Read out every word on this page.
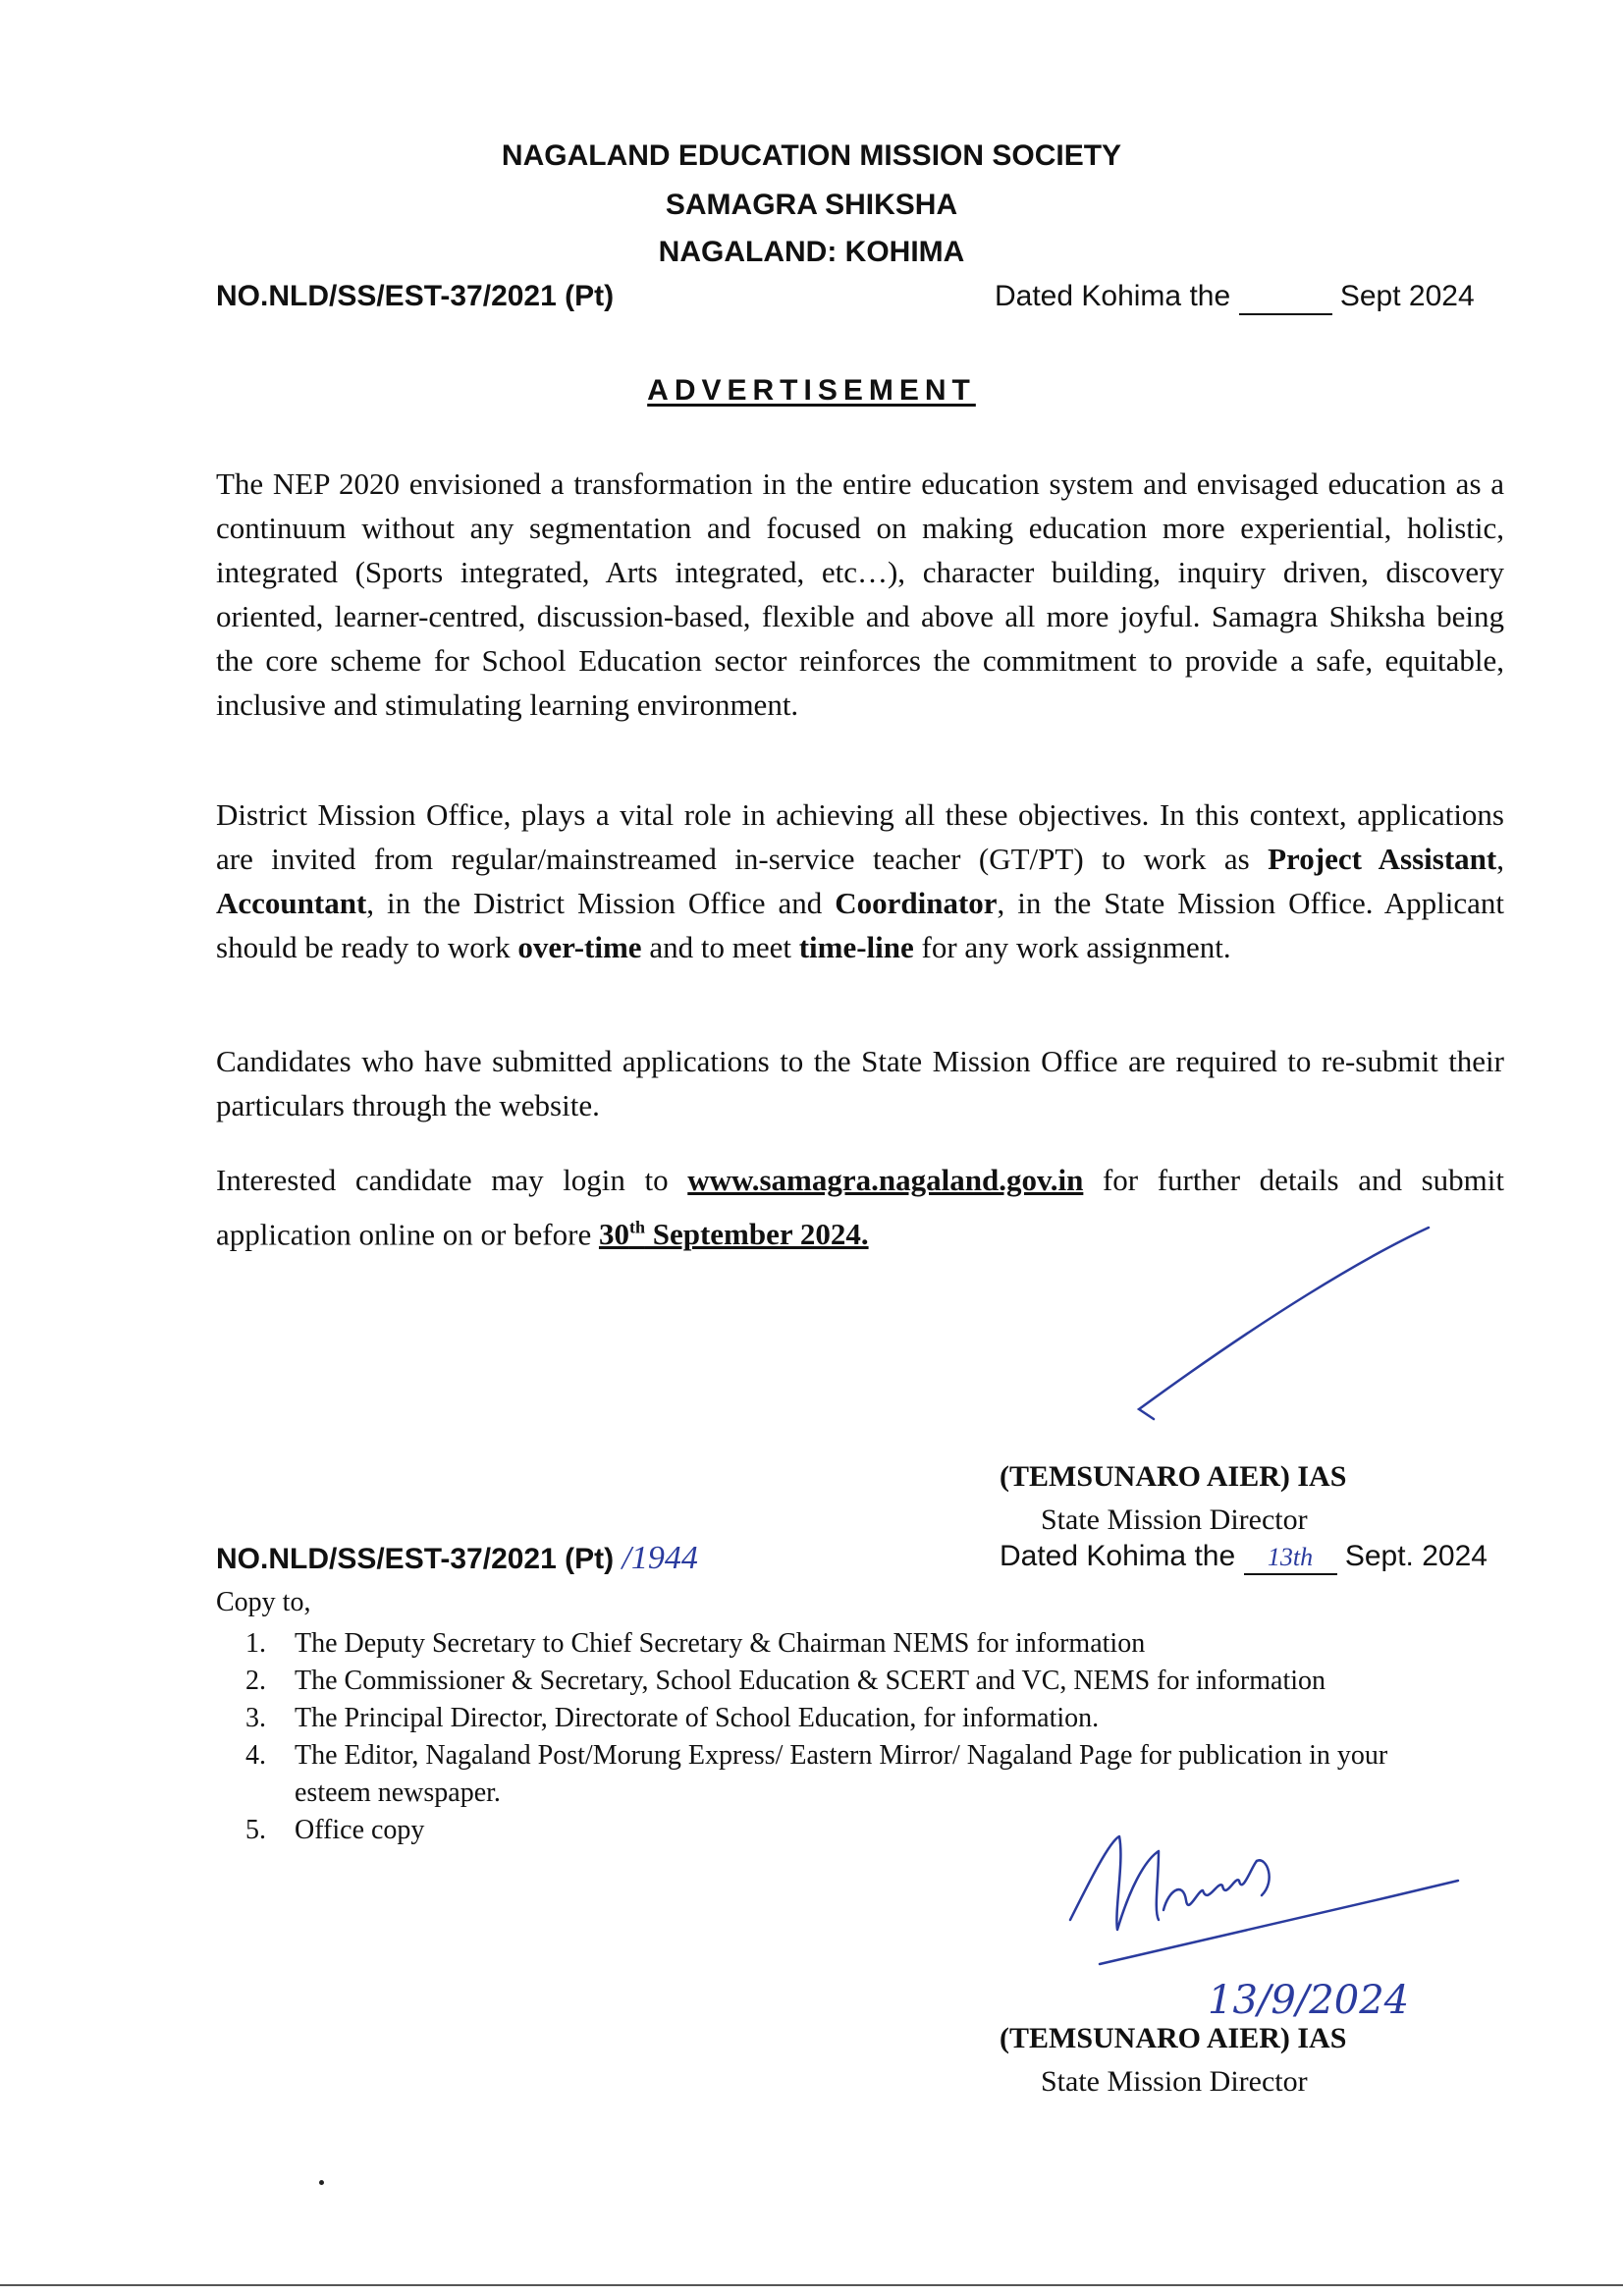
NAGALAND EDUCATION MISSION SOCIETY
SAMAGRA SHIKSHA
NAGALAND: KOHIMA
NO.NLD/SS/EST-37/2021 (Pt)	Dated Kohima the	Sept 2024
ADVERTISEMENT

The NEP 2020 envisioned a transformation in the entire education system and envisaged education as a continuum without any segmentation and focused on making education more experiential, holistic, integrated (Sports integrated, Arts integrated, etc…), character building, inquiry driven, discovery oriented, learner-centred, discussion-based, flexible and above all more joyful. Samagra Shiksha being the core scheme for School Education sector reinforces the commitment to provide a safe, equitable, inclusive and stimulating learning environment.

District Mission Office, plays a vital role in achieving all these objectives. In this context, applications are invited from regular/mainstreamed in-service teacher (GT/PT) to work as Project Assistant, Accountant, in the District Mission Office and Coordinator, in the State Mission Office. Applicant should be ready to work over-time and to meet time-line for any work assignment.

Candidates who have submitted applications to the State Mission Office are required to re-submit their particulars through the website.

Interested candidate may login to www.samagra.nagaland.gov.in for further details and submit application online on or before 30th September 2024.

(TEMSUNARO AIER) IAS
State Mission Director
NO.NLD/SS/EST-37/2021 (Pt) /1944	Dated Kohima the 13th Sept. 2024
Copy to,
1. The Deputy Secretary to Chief Secretary & Chairman NEMS for information
2. The Commissioner & Secretary, School Education & SCERT and VC, NEMS for information
3. The Principal Director, Directorate of School Education, for information.
4. The Editor, Nagaland Post/Morung Express/ Eastern Mirror/ Nagaland Page for publication in your esteem newspaper.
5. Office copy
13/9/2024
(TEMSUNARO AIER) IAS
State Mission Director
